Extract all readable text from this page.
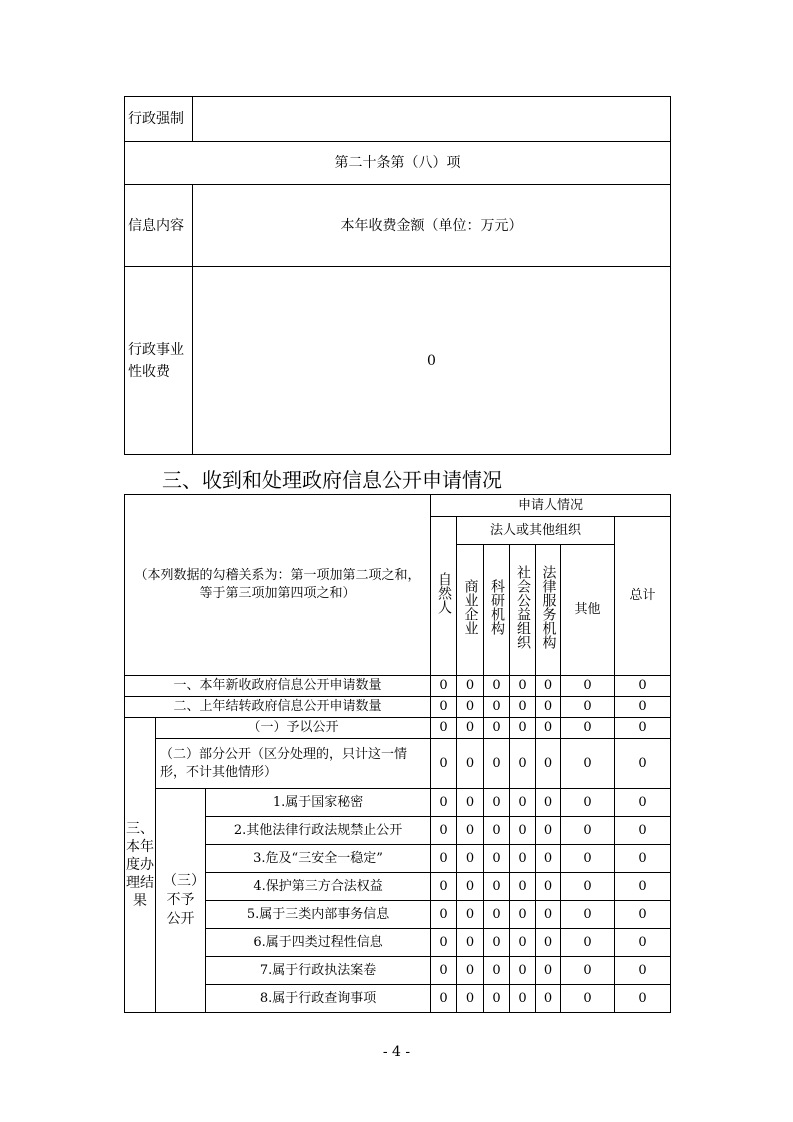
行政强制	
第二十条第（八）项	
信息内容	本年收费金额（单位：万元）
行政事业性收费	0
三、收到和处理政府信息公开申请情况
（本列数据的勾稽关系为：第一项加第二项之和，等于第三项加第四项之和）			申请人情况						
			自然人	法人或其他组织					总计
				商业企业	科研机构	社会公益组织	法律服务机构	其他	
一、本年新收政府信息公开申请数量			0	0	0	0	0	0	0
二、上年结转政府信息公开申请数量			0	0	0	0	0	0	0

三、本年度办理结果	（一）予以公开		0	0	0	0	0	0	0
	（二）部分公开（区分处理的，只计这一情形，不计其他情形）		0	0	0	0	0	0	0

	（三）不予公开	1.属于国家秘密	0	0	0	0	0	0	0
		2.其他法律行政法规禁止公开	0	0	0	0	0	0	0
		3.危及“三安全一稳定”	0	0	0	0	0	0	0
		4.保护第三方合法权益	0	0	0	0	0	0	0
		5.属于三类内部事务信息	0	0	0	0	0	0	0
		6.属于四类过程性信息	0	0	0	0	0	0	0
		7.属于行政执法案卷	0	0	0	0	0	0	0
		8.属于行政查询事项	0	0	0	0	0	0	0
- 4 -
